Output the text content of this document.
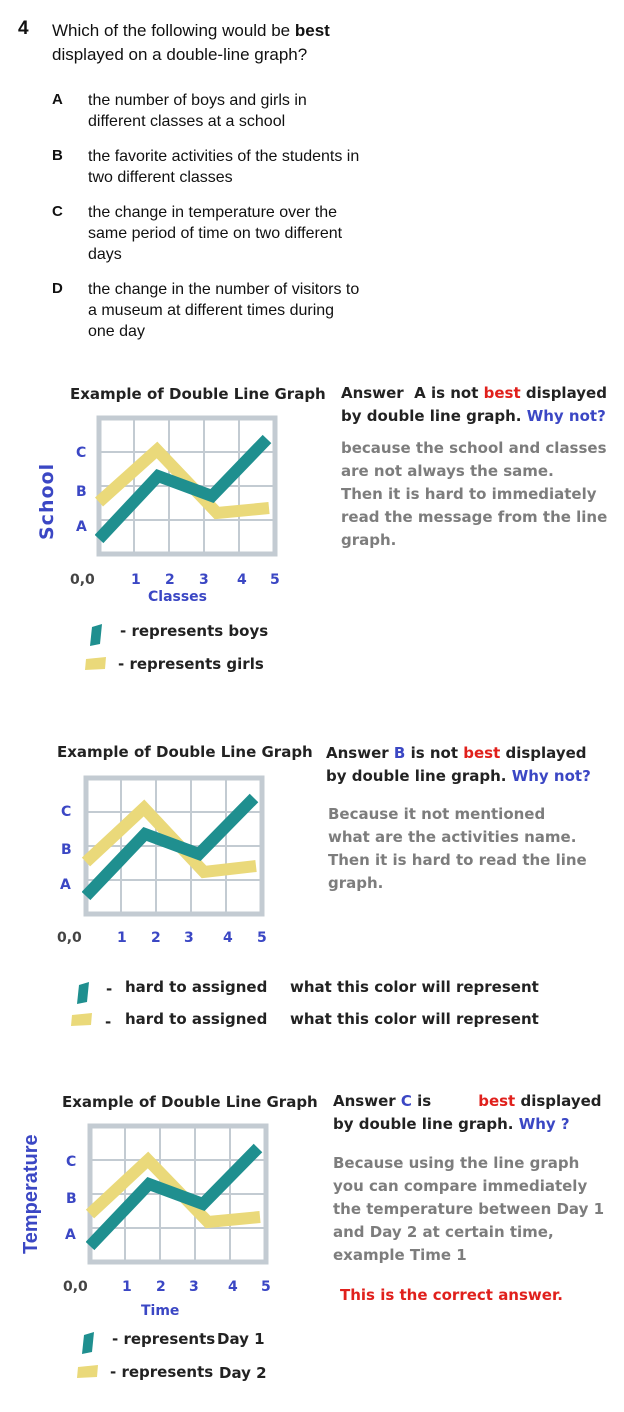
4 Which of the following would be best
displayed on a double-line graph?
A the number of boys and girls in
different classes at a school
B the favorite activities of the students in
two different classes
C the change in temperature over the
same period of time on two different
days
D the change in the number of visitors to
a museum at different times during
one day
Example of Double Line Graph
School
C
B
A
0,0	1 2 3 4 5
Classes
- represents boys
- represents girls
Answer A is not best displayed
by double line graph. Why not?
because the school and classes
are not always the same.
Then it is hard to immediately
read the message from the line
graph.
Example of Double Line Graph
C
B
A
0,0	1 2 3 4 5
- hard to assigned what this color will represent
- hard to assigned what this color will represent
Answer B is not best displayed
by double line graph. Why not?
Because it not mentioned
what are the activities name.
Then it is hard to read the line
graph.
Example of Double Line Graph
Temperature C
B
A
0,0 1 2 3 4 5
Time
- represents Day 1
- represents Day 2
Answer C is	best displayed
by double line graph. Why ?
Because using the line graph
you can compare immediately
the temperature between Day 1
and Day 2 at certain time,
example Time 1
This is the correct answer.
